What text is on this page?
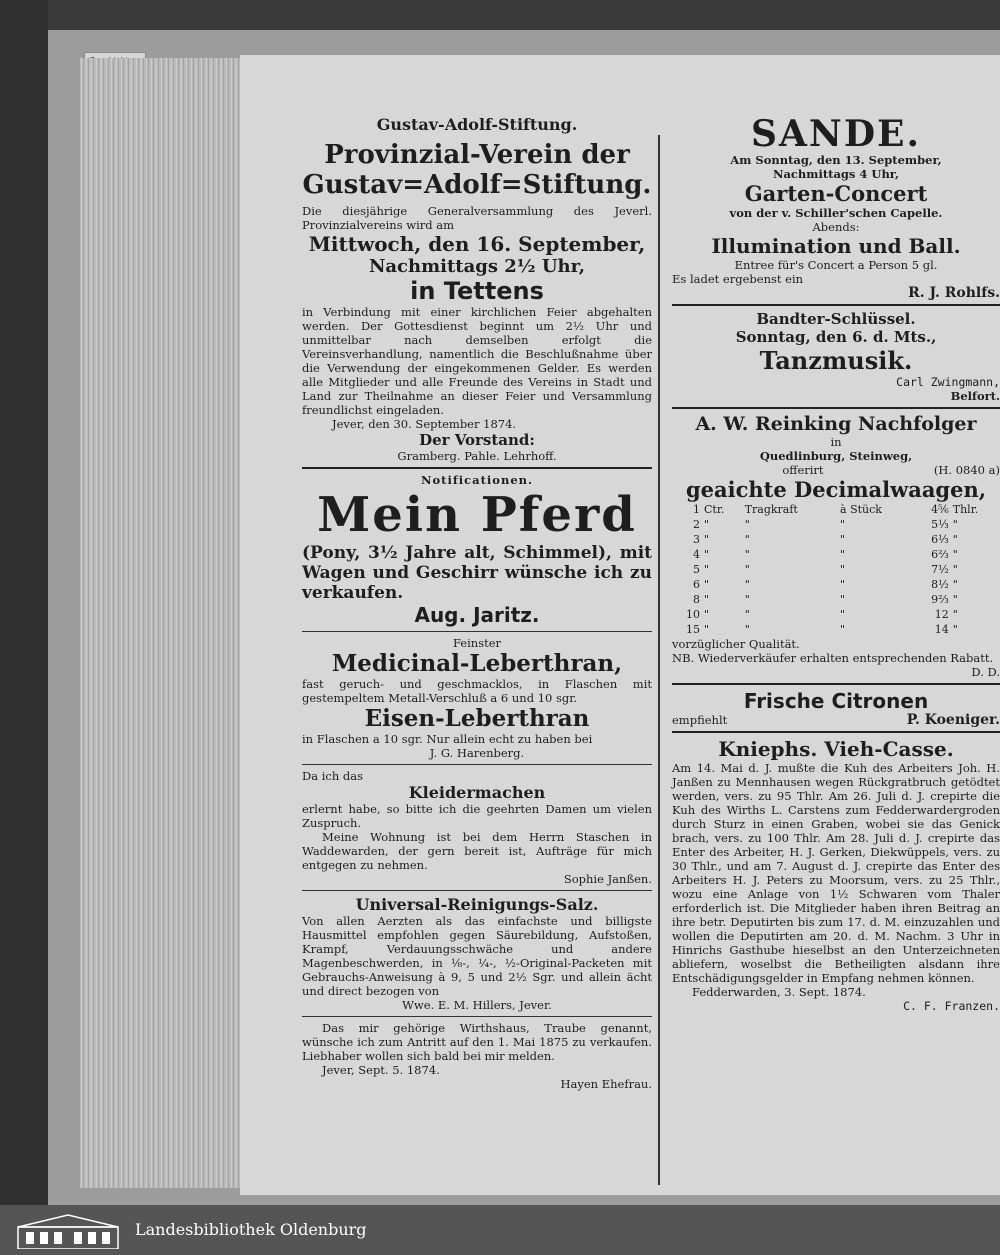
Gustav-Adolf-Stiftung.
Provinzial-Verein der
Gustav=Adolf=Stiftung.
Die diesjährige Generalversammlung des Jeverl. Provinzialvereins wird am
Mittwoch, den 16. September,
Nachmittags 2½ Uhr,
in Tettens
in Verbindung mit einer kirchlichen Feier abgehalten werden. Der Gottesdienst beginnt um 2½ Uhr und unmittelbar nach demselben erfolgt die Vereinsverhandlung, namentlich die Beschlußnahme über die Verwendung der eingekommenen Gelder. Es werden alle Mitglieder und alle Freunde des Vereins in Stadt und Land zur Theilnahme an dieser Feier und Versammlung freundlichst eingeladen.
Jever, den 30. September 1874.
Der Vorstand:
Gramberg. Pahle. Lehrhoff.
Notificationen.
Mein Pferd
(Pony, 3½ Jahre alt, Schimmel), mit Wagen und Geschirr wünsche ich zu verkaufen.
Aug. Jaritz.
Feinster
Medicinal-Leberthran,
fast geruch- und geschmacklos, in Flaschen mit gestempeltem Metall-Verschluß a 6 und 10 sgr.
Eisen-Leberthran
in Flaschen a 10 sgr. Nur allein echt zu haben bei
J. G. Harenberg.
Da ich das
Kleidermachen
erlernt habe, so bitte ich die geehrten Damen um vielen Zuspruch.
Meine Wohnung ist bei dem Herrn Staschen in Waddewarden, der gern bereit ist, Aufträge für mich entgegen zu nehmen.
Sophie Janßen.
Universal-Reinigungs-Salz.
Von allen Aerzten als das einfachste und billigste Hausmittel empfohlen gegen Säurebildung, Aufstoßen, Krampf, Verdauungsschwäche und andere Magenbeschwerden, in ⅛-, ¼-, ½-Original-Packeten mit Gebrauchs-Anweisung à 9, 5 und 2½ Sgr. und allein ächt und direct bezogen von
Wwe. E. M. Hillers, Jever.
Das mir gehörige Wirthshaus, Traube genannt, wünsche ich zum Antritt auf den 1. Mai 1875 zu verkaufen. Liebhaber wollen sich bald bei mir melden.
Jever, Sept. 5. 1874.
Hayen Ehefrau.
SANDE.
Am Sonntag, den 13. September,
Nachmittags 4 Uhr,
Garten-Concert
von der v. Schiller'schen Capelle.
Abends:
Illumination und Ball.
Entree für's Concert a Person 5 gl.
Es ladet ergebenst ein
R. J. Rohlfs.
Bandter-Schlüssel.
Sonntag, den 6. d. Mts.,
Tanzmusik.
Carl Zwingmann,
Belfort.
A. W. Reinking Nachfolger
in
Quedlinburg, Steinweg,
offerirt	(H. 0840 a)
geaichte Decimalwaagen,
1	Ctr.	Tragkraft	à Stück	4⅚	Thlr.
2	"	"	"	5⅓	"
3	"	"	"	6⅓	"
4	"	"	"	6⅔	"
5	"	"	"	7½	"
6	"	"	"	8½	"
8	"	"	"	9⅔	"
10	"	"	"	12	"
15	"	"	"	14	"
vorzüglicher Qualität.
NB. Wiederverkäufer erhalten entsprechenden Rabatt.
D. D.
Frische Citronen
empfiehlt	P. Koeniger.
Kniephs. Vieh-Casse.
Am 14. Mai d. J. mußte die Kuh des Arbeiters Joh. H. Janßen zu Mennhausen wegen Rückgratbruch getödtet werden, vers. zu 95 Thlr. Am 26. Juli d. J. crepirte die Kuh des Wirths L. Carstens zum Fedderwardergroden durch Sturz in einen Graben, wobei sie das Genick brach, vers. zu 100 Thlr. Am 28. Juli d. J. crepirte das Enter des Arbeiter, H. J. Gerken, Diekwüppels, vers. zu 30 Thlr., und am 7. August d. J. crepirte das Enter des Arbeiters H. J. Peters zu Moorsum, vers. zu 25 Thlr., wozu eine Anlage von 1½ Schwaren vom Thaler erforderlich ist. Die Mitglieder haben ihren Beitrag an ihre betr. Deputirten bis zum 17. d. M. einzuzahlen und wollen die Deputirten am 20. d. M. Nachm. 3 Uhr in Hinrichs Gasthube hieselbst an den Unterzeichneten abliefern, woselbst die Betheiligten alsdann ihre Entschädigungsgelder in Empfang nehmen können.
Fedderwarden, 3. Sept. 1874.
C. F. Franzen.
Landesbibliothek Oldenburg
